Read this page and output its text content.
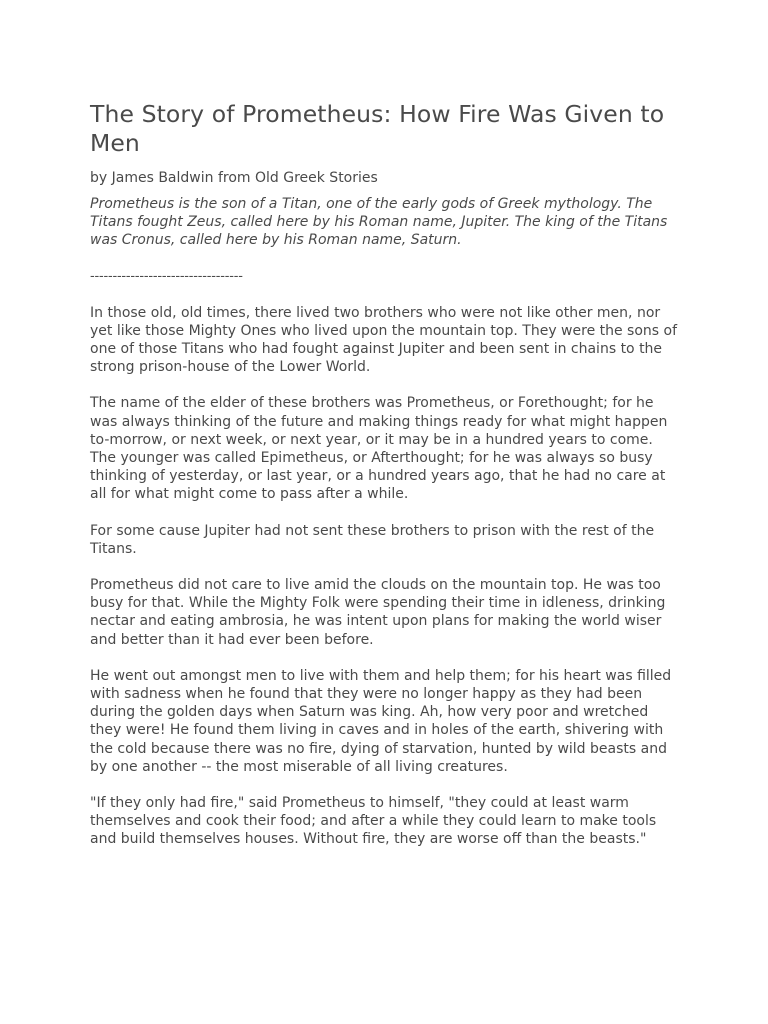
The Story of Prometheus: How Fire Was Given to Men

by James Baldwin from Old Greek Stories

Prometheus is the son of a Titan, one of the early gods of Greek mythology. The Titans fought Zeus, called here by his Roman name, Jupiter. The king of the Titans was Cronus, called here by his Roman name, Saturn.

----------------------------------

In those old, old times, there lived two brothers who were not like other men, nor yet like those Mighty Ones who lived upon the mountain top. They were the sons of one of those Titans who had fought against Jupiter and been sent in chains to the strong prison-house of the Lower World.

The name of the elder of these brothers was Prometheus, or Forethought; for he was always thinking of the future and making things ready for what might happen to-morrow, or next week, or next year, or it may be in a hundred years to come. The younger was called Epimetheus, or Afterthought; for he was always so busy thinking of yesterday, or last year, or a hundred years ago, that he had no care at all for what might come to pass after a while.

For some cause Jupiter had not sent these brothers to prison with the rest of the Titans.

Prometheus did not care to live amid the clouds on the mountain top. He was too busy for that. While the Mighty Folk were spending their time in idleness, drinking nectar and eating ambrosia, he was intent upon plans for making the world wiser and better than it had ever been before.

He went out amongst men to live with them and help them; for his heart was filled with sadness when he found that they were no longer happy as they had been during the golden days when Saturn was king. Ah, how very poor and wretched they were! He found them living in caves and in holes of the earth, shivering with the cold because there was no fire, dying of starvation, hunted by wild beasts and by one another -- the most miserable of all living creatures.

"If they only had fire," said Prometheus to himself, "they could at least warm themselves and cook their food; and after a while they could learn to make tools and build themselves houses. Without fire, they are worse off than the beasts."
